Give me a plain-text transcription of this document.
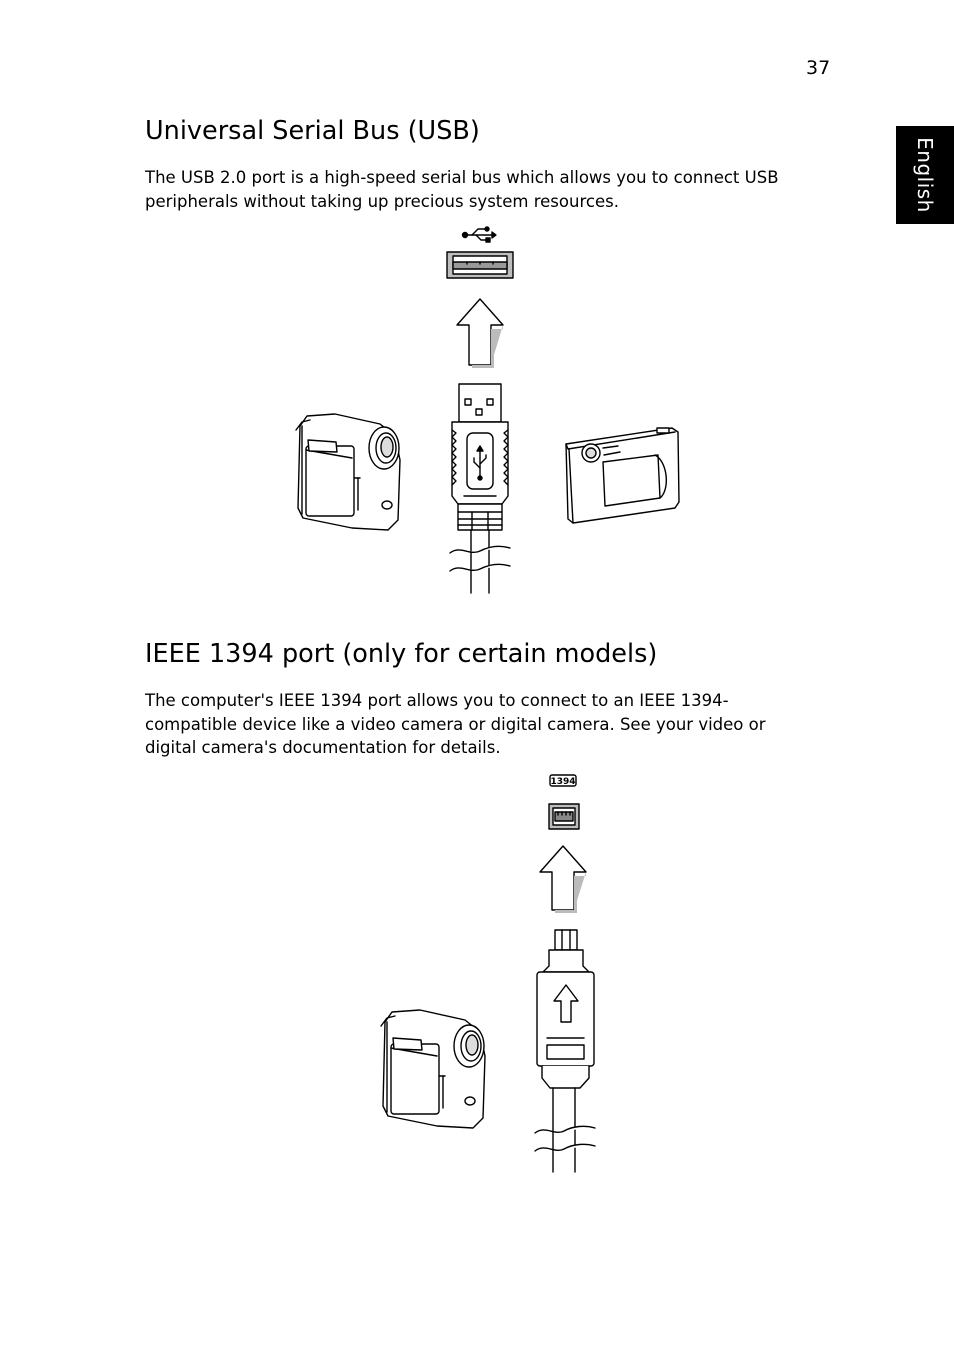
37
English
Universal Serial Bus (USB)

The USB 2.0 port is a high-speed serial bus which allows you to connect USB
peripherals without taking up precious system resources.

IEEE 1394 port (only for certain models)

The computer's IEEE 1394 port allows you to connect to an IEEE 1394-
compatible device like a video camera or digital camera. See your video or
digital camera's documentation for details.

1394
